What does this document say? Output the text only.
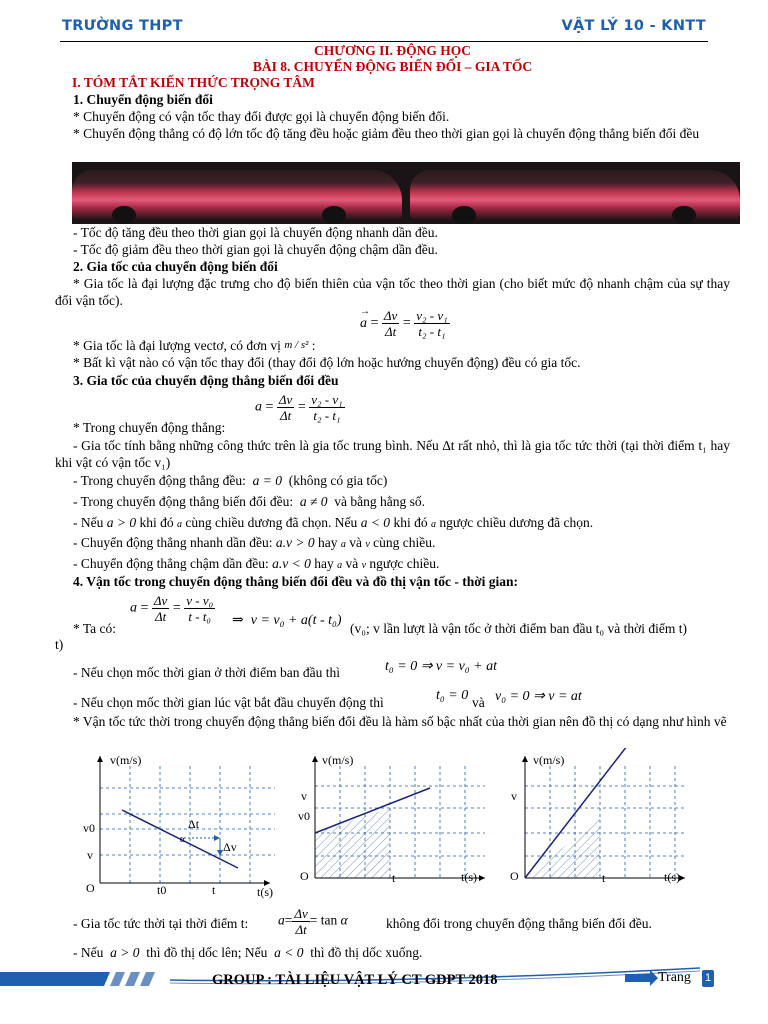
TRƯỜNG THPT	VẬT LÝ 10 - KNTT
CHƯƠNG II. ĐỘNG HỌC
BÀI 8. CHUYỂN ĐỘNG BIẾN ĐỔI – GIA TỐC
I. TÓM TẮT KIẾN THỨC TRỌNG TÂM
1. Chuyển động biến đổi

* Chuyển động có vận tốc thay đổi được gọi là chuyển động biến đổi.

* Chuyển động thẳng có độ lớn tốc độ tăng đều hoặc giảm đều theo thời gian gọi là chuyển động thẳng biến đổi đều

- Tốc độ tăng đều theo thời gian gọi là chuyển động nhanh dần đều.
- Tốc độ giảm đều theo thời gian gọi là chuyển động chậm dần đều.
2. Gia tốc của chuyển động biến đổi

* Gia tốc là đại lượng đặc trưng cho độ biến thiên của vận tốc theo thời gian (cho biết mức độ nhanh chậm của sự thay đổi vận tốc).

a
→
= $\frac{\Delta v}{\Delta t} = \frac{\text{v₂ - v₁}}{\text{t₂ - t₁}}$
* Gia tốc là đại lượng vectơ, có đơn vị m / s² :
* Bất kì vật nào có vận tốc thay đổi (thay đổi độ lớn hoặc hướng chuyển động) đều có gia tốc.
3. Gia tốc của chuyển động thẳng biến đổi đều
$a = \frac{\Delta v}{\Delta t} = \frac{\text{v₂ - v₁}}{\text{t₂ - t₁}}$
* Trong chuyển động thẳng:
- Gia tốc tính bằng những công thức trên là gia tốc trung bình. Nếu ∆t rất nhỏ, thì là gia tốc tức thời (tại thời điểm t₁ hay khi vật có vận tốc v₁)
- Trong chuyển động thẳng đều: a = 0 (không có gia tốc)
- Trong chuyển động thẳng biến đổi đều: a ≠ 0 và bằng hằng số.
- Nếu a > 0 khi đó a cùng chiều dương đã chọn. Nếu a < 0 khi đó a ngược chiều dương đã chọn.
- Chuyển động thẳng nhanh dần đều: a.v > 0 hay a và v cùng chiều.
- Chuyển động thẳng chậm dần đều: a.v < 0 hay a và v ngược chiều.
4. Vận tốc trong chuyển động thẳng biến đổi đều và đồ thị vận tốc - thời gian:
$a = \frac{\Delta v}{\Delta t} = \frac{\text{v - v₀}}{\text{t - t₀}}$ ⇒  v = v₀ + a(t - t₀)
* Ta có:	(v₀; v lần lượt là vận tốc ở thời điểm ban đầu t₀ và thời điểm t)
t)
- Nếu chọn mốc thời gian ở thời điểm ban đầu thì	t₀ = 0 ⇒ v = v₀ + at
- Nếu chọn mốc thời gian lúc vật bắt đầu chuyển động thì	t₀ = 0 và v₀ = 0 ⇒ v = at
* Vận tốc tức thời trong chuyển động thẳng biến đổi đều là hàm số bậc nhất của thời gian nên đồ thị có dạng như hình vẽ
v(m/s)
t(s)
v0
v
O	t0	t
Δt
Δv
α
v(m/s)
v
v0
O	t	t(s)
v(m/s)
v
O	t	t(s)
- Gia tốc tức thời tại thời điểm t: $a= \frac{\Delta v}{\Delta t} = \tan \alpha$	không đổi trong chuyển động thẳng biến đổi đều.
- Nếu a > 0 thì đồ thị dốc lên; Nếu a < 0 thì đồ thị dốc xuống.
GROUP : TÀI LIỆU VẬT LÝ CT GDPT 2018	Trang 1
